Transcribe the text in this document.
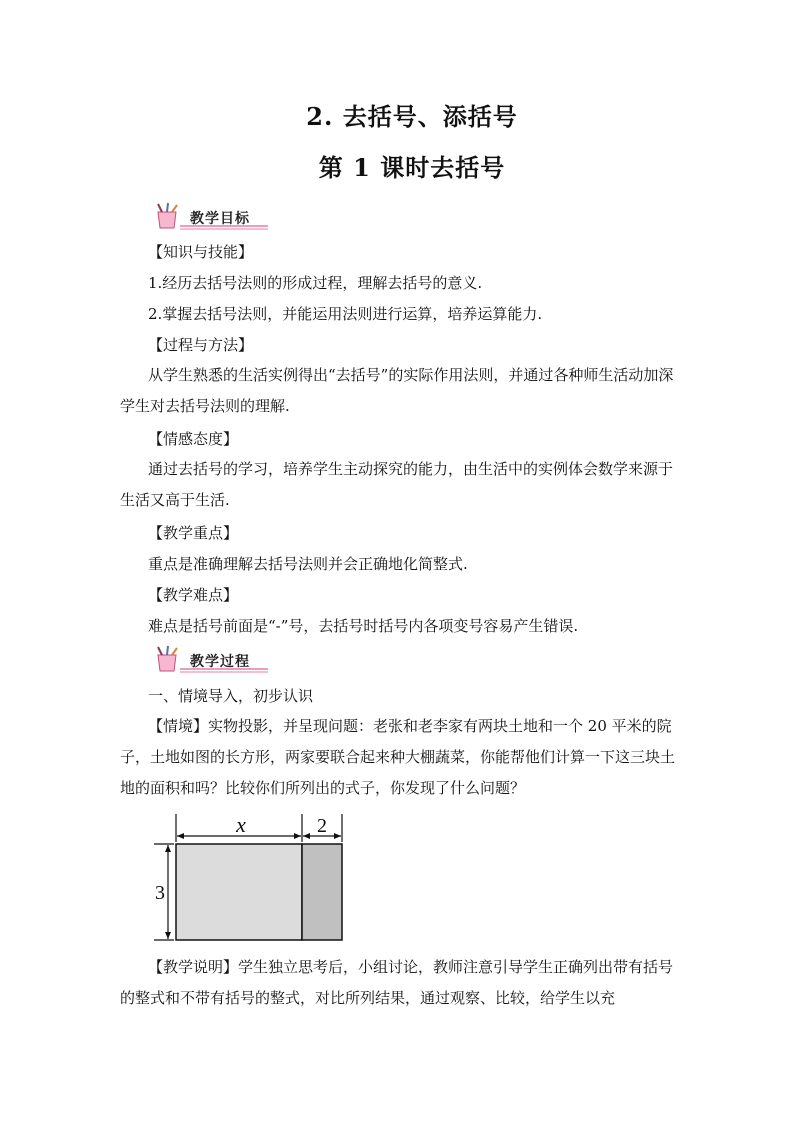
2. 去括号、添括号
第 1 课时去括号
教学目标
【知识与技能】
1.经历去括号法则的形成过程，理解去括号的意义.
2.掌握去括号法则，并能运用法则进行运算，培养运算能力.
【过程与方法】
从学生熟悉的生活实例得出“去括号”的实际作用法则，并通过各种师生活动加深学生对去括号法则的理解.
【情感态度】
通过去括号的学习，培养学生主动探究的能力，由生活中的实例体会数学来源于生活又高于生活.
【教学重点】
重点是准确理解去括号法则并会正确地化简整式.
【教学难点】
难点是括号前面是“-”号，去括号时括号内各项变号容易产生错误.
教学过程
一、情境导入，初步认识
【情境】实物投影，并呈现问题：老张和老李家有两块土地和一个 20 平米的院子，土地如图的长方形，两家要联合起来种大棚蔬菜，你能帮他们计算一下这三块土地的面积和吗？比较你们所列出的式子，你发现了什么问题？
x	2
3
【教学说明】学生独立思考后，小组讨论，教师注意引导学生正确列出带有括号的整式和不带有括号的整式，对比所列结果，通过观察、比较，给学生以充
